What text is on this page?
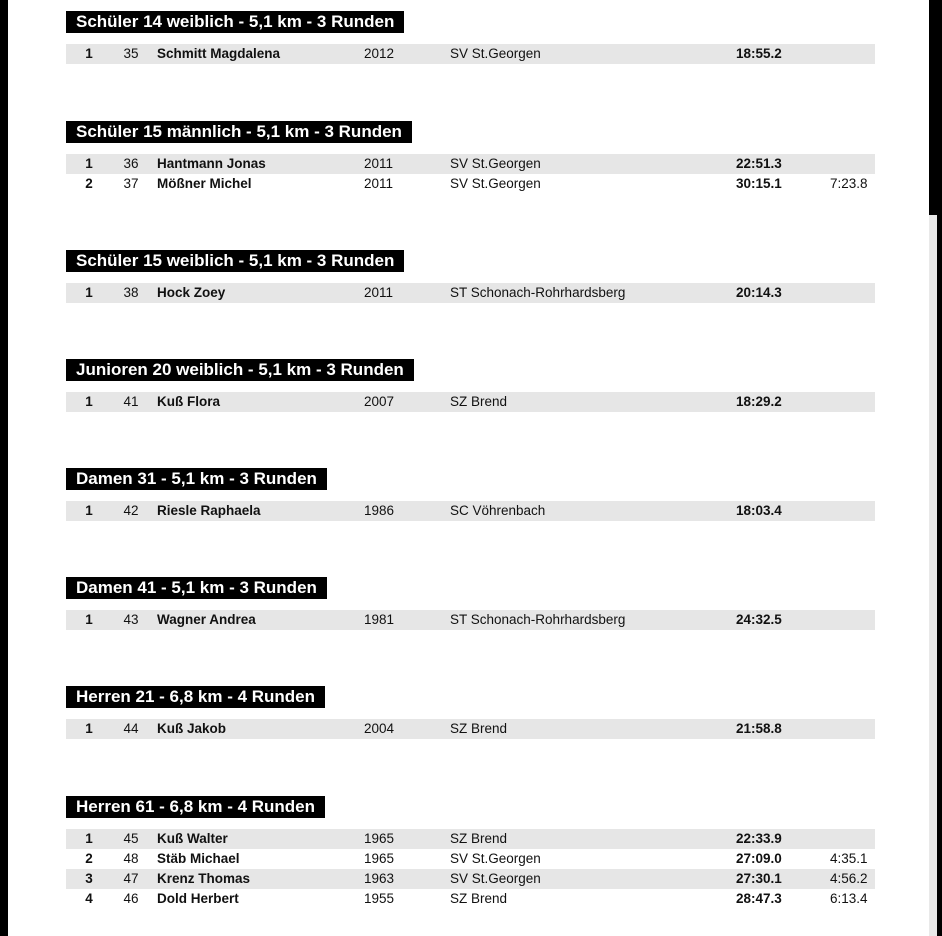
Schüler 14 weiblich - 5,1 km - 3 Runden
1	35 Schmitt Magdalena	2012	SV St.Georgen	18:55.2
Schüler 15 männlich - 5,1 km - 3 Runden
1	36 Hantmann Jonas	2011	SV St.Georgen	22:51.3
2	37 Mößner Michel	2011	SV St.Georgen	30:15.1	7:23.8
Schüler 15 weiblich - 5,1 km - 3 Runden
1	38 Hock Zoey	2011	ST Schonach-Rohrhardsberg	20:14.3
Junioren 20 weiblich - 5,1 km - 3 Runden
1	41 Kuß Flora	2007	SZ Brend	18:29.2
Damen 31 - 5,1 km - 3 Runden
1	42 Riesle Raphaela	1986	SC Vöhrenbach	18:03.4
Damen 41 - 5,1 km - 3 Runden
1	43 Wagner Andrea	1981	ST Schonach-Rohrhardsberg	24:32.5
Herren 21 - 6,8 km - 4 Runden
1	44 Kuß Jakob	2004	SZ Brend	21:58.8
Herren 61 - 6,8 km - 4 Runden
1	45 Kuß Walter	1965	SZ Brend	22:33.9
2	48 Stäb Michael	1965	SV St.Georgen	27:09.0	4:35.1
3	47 Krenz Thomas	1963	SV St.Georgen	27:30.1	4:56.2
4	46 Dold Herbert	1955	SZ Brend	28:47.3	6:13.4
